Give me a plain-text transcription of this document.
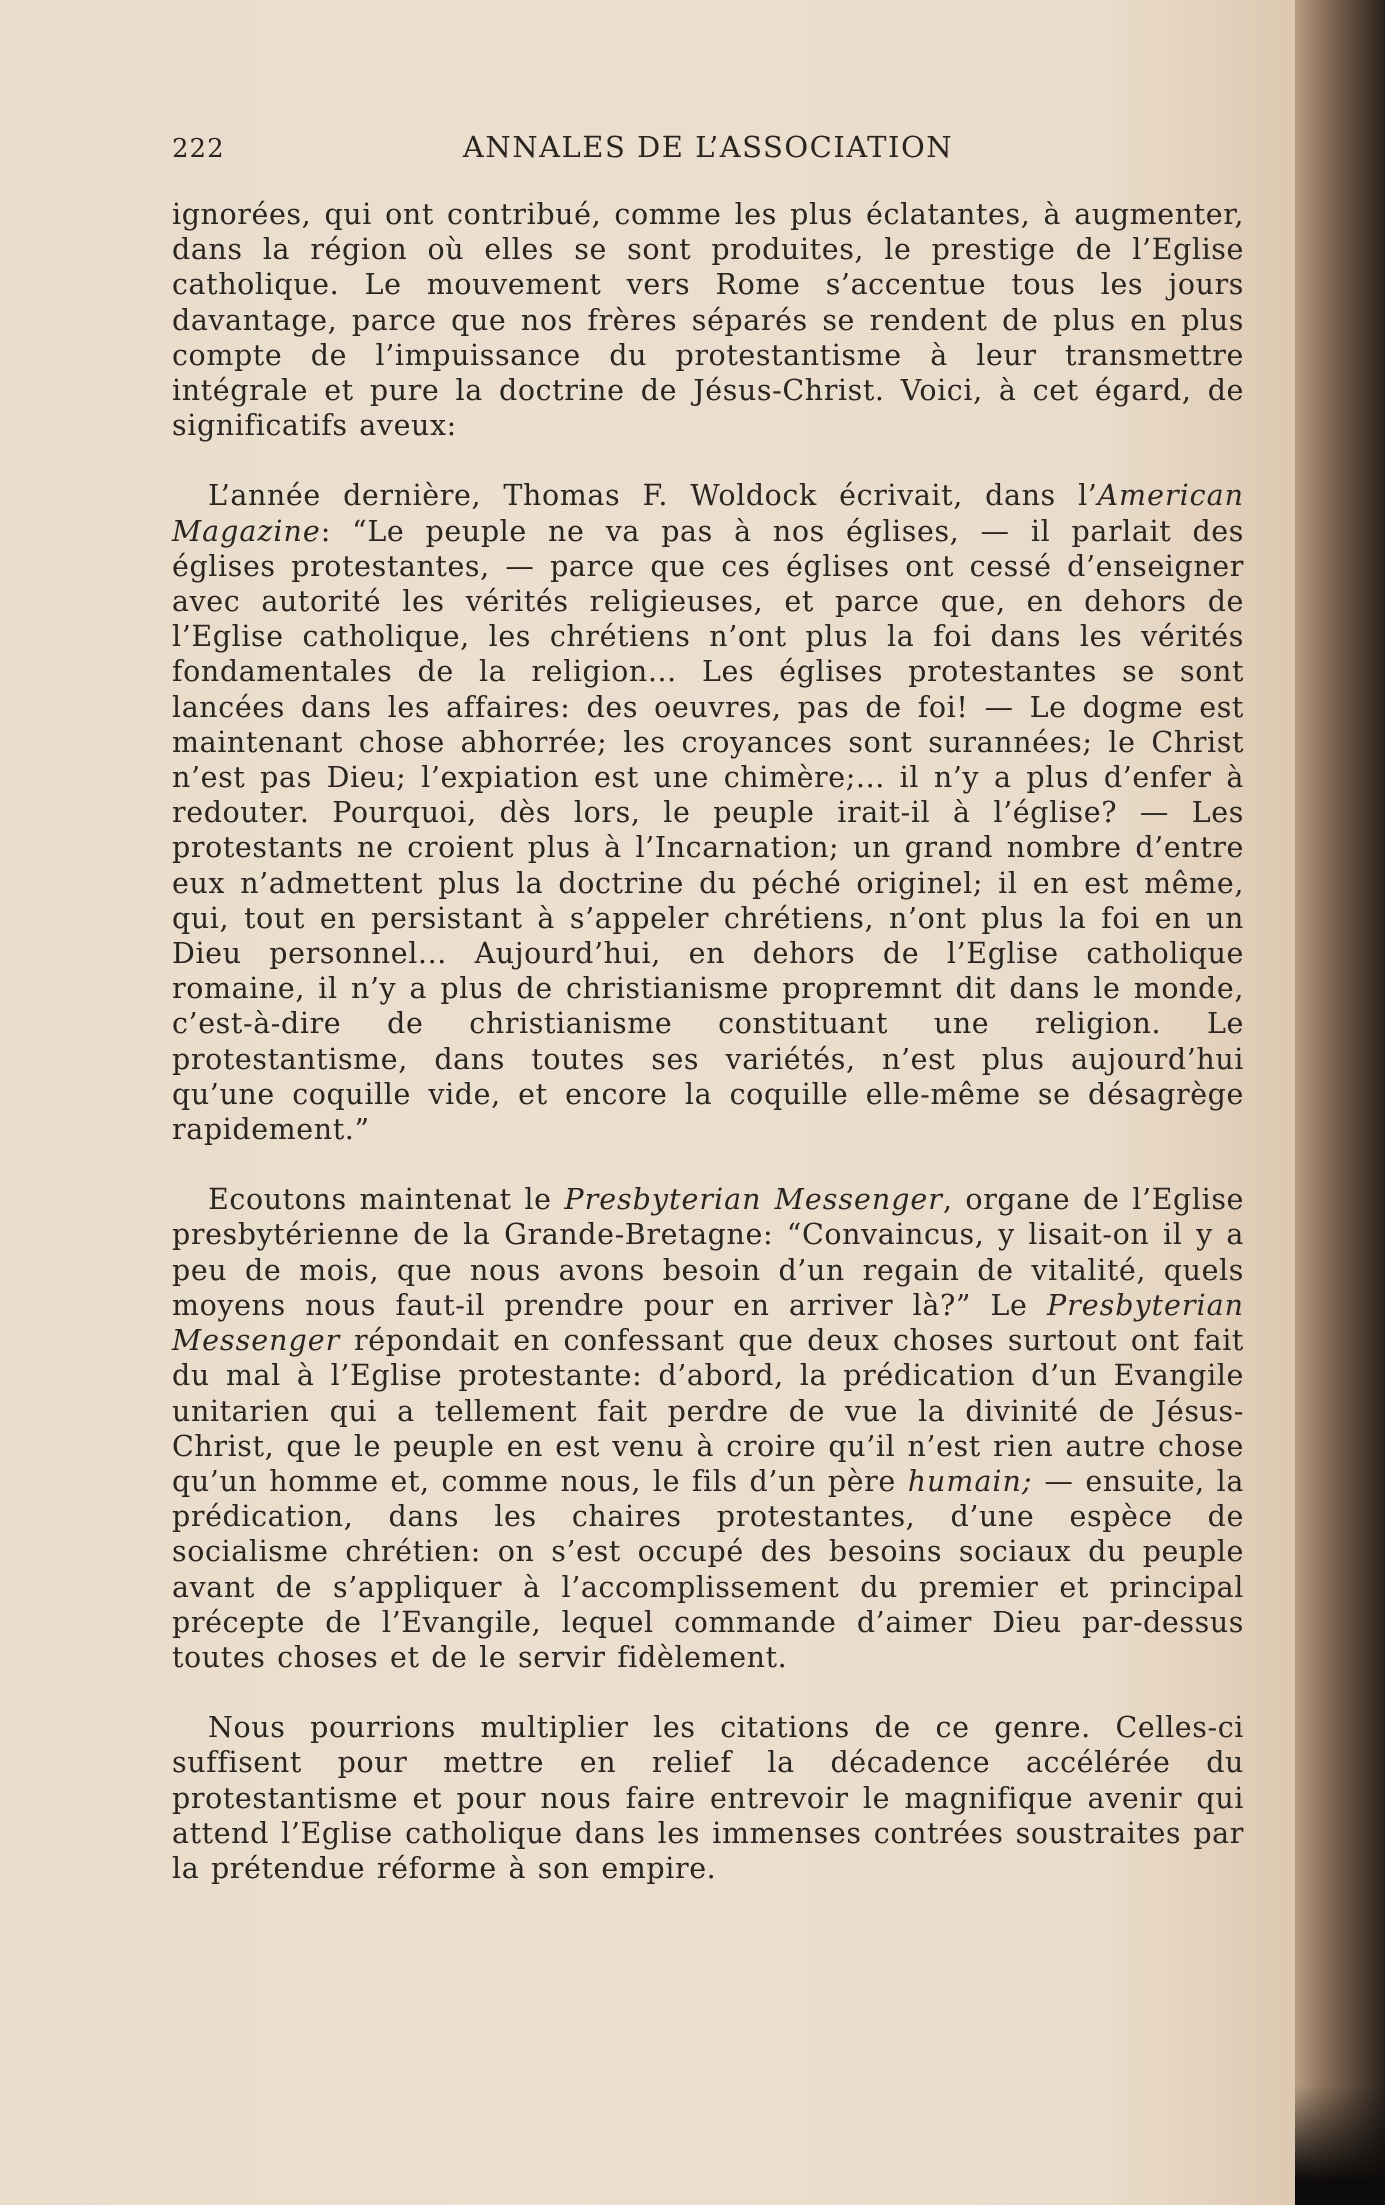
222	ANNALES DE L’ASSOCIATION

ignorées, qui ont contribué, comme les plus éclatantes, à augmenter, dans la région où elles se sont produites, le prestige de l’Eglise catholique. Le mouvement vers Rome s’accentue tous les jours davantage, parce que nos frères séparés se rendent de plus en plus compte de l’impuissance du protestantisme à leur transmettre intégrale et pure la doctrine de Jésus-Christ. Voici, à cet égard, de significatifs aveux:

L’année dernière, Thomas F. Woldock écrivait, dans l’American Magazine: “Le peuple ne va pas à nos églises, — il parlait des églises protestantes, — parce que ces églises ont cessé d’enseigner avec autorité les vérités religieuses, et parce que, en dehors de l’Eglise catholique, les chrétiens n’ont plus la foi dans les vérités fondamentales de la religion... Les églises protestantes se sont lancées dans les affaires: des oeuvres, pas de foi! — Le dogme est maintenant chose abhorrée; les croyances sont surannées; le Christ n’est pas Dieu; l’expiation est une chimère;... il n’y a plus d’enfer à redouter. Pourquoi, dès lors, le peuple irait-il à l’église? — Les protestants ne croient plus à l’Incarnation; un grand nombre d’entre eux n’admettent plus la doctrine du péché originel; il en est même, qui, tout en persistant à s’appeler chrétiens, n’ont plus la foi en un Dieu personnel... Aujourd’hui, en dehors de l’Eglise catholique romaine, il n’y a plus de christianisme propremnt dit dans le monde, c’est-à-dire de christianisme constituant une religion. Le protestantisme, dans toutes ses variétés, n’est plus aujourd’hui qu’une coquille vide, et encore la coquille elle-même se désagrège rapidement.”

Ecoutons maintenat le Presbyterian Messenger, organe de l’Eglise presbytérienne de la Grande-Bretagne: “Convaincus, y lisait-on il y a peu de mois, que nous avons besoin d’un regain de vitalité, quels moyens nous faut-il prendre pour en arriver là?” Le Presbyterian Messenger répondait en confessant que deux choses surtout ont fait du mal à l’Eglise protestante: d’abord, la prédication d’un Evangile unitarien qui a tellement fait perdre de vue la divinité de Jésus-Christ, que le peuple en est venu à croire qu’il n’est rien autre chose qu’un homme et, comme nous, le fils d’un père humain; — ensuite, la prédication, dans les chaires protestantes, d’une espèce de socialisme chrétien: on s’est occupé des besoins sociaux du peuple avant de s’appliquer à l’accomplissement du premier et principal précepte de l’Evangile, lequel commande d’aimer Dieu par-dessus toutes choses et de le servir fidèlement.

Nous pourrions multiplier les citations de ce genre. Celles-ci suffisent pour mettre en relief la décadence accélérée du protestantisme et pour nous faire entrevoir le magnifique avenir qui attend l’Eglise catholique dans les immenses contrées soustraites par la prétendue réforme à son empire.
